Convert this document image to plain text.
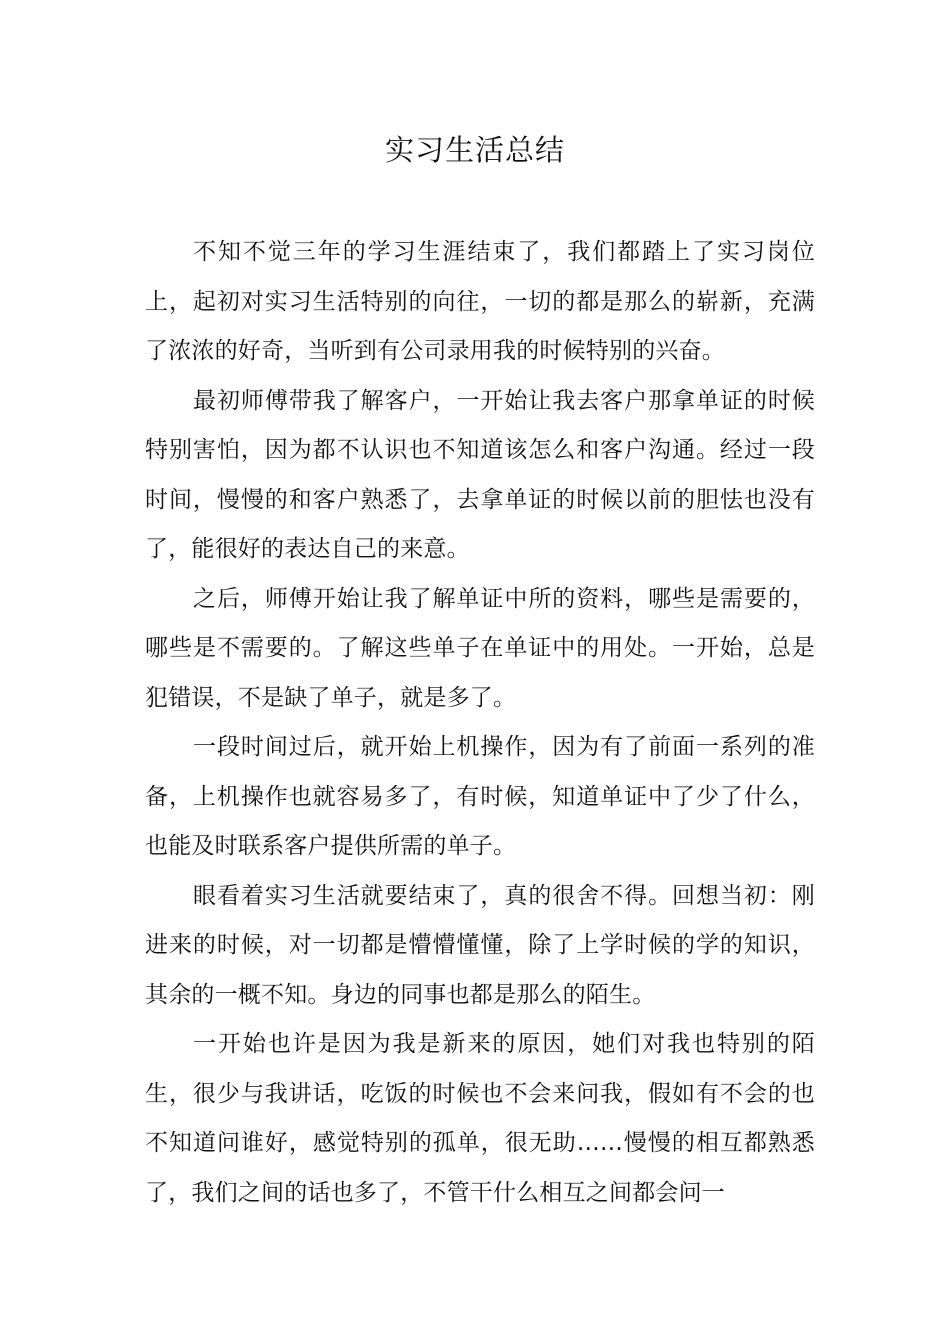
实习生活总结

不知不觉三年的学习生涯结束了，我们都踏上了实习岗位上，起初对实习生活特别的向往，一切的都是那么的崭新，充满了浓浓的好奇，当听到有公司录用我的时候特别的兴奋。

最初师傅带我了解客户，一开始让我去客户那拿单证的时候特别害怕，因为都不认识也不知道该怎么和客户沟通。经过一段时间，慢慢的和客户熟悉了，去拿单证的时候以前的胆怯也没有了，能很好的表达自己的来意。

之后，师傅开始让我了解单证中所的资料，哪些是需要的，哪些是不需要的。了解这些单子在单证中的用处。一开始，总是犯错误，不是缺了单子，就是多了。

一段时间过后，就开始上机操作，因为有了前面一系列的准备，上机操作也就容易多了，有时候，知道单证中了少了什么，也能及时联系客户提供所需的单子。

眼看着实习生活就要结束了，真的很舍不得。回想当初：刚进来的时候，对一切都是懵懵懂懂，除了上学时候的学的知识，其余的一概不知。身边的同事也都是那么的陌生。

一开始也许是因为我是新来的原因，她们对我也特别的陌生，很少与我讲话，吃饭的时候也不会来问我，假如有不会的也不知道问谁好，感觉特别的孤单，很无助……慢慢的相互都熟悉了，我们之间的话也多了，不管干什么相互之间都会问一
